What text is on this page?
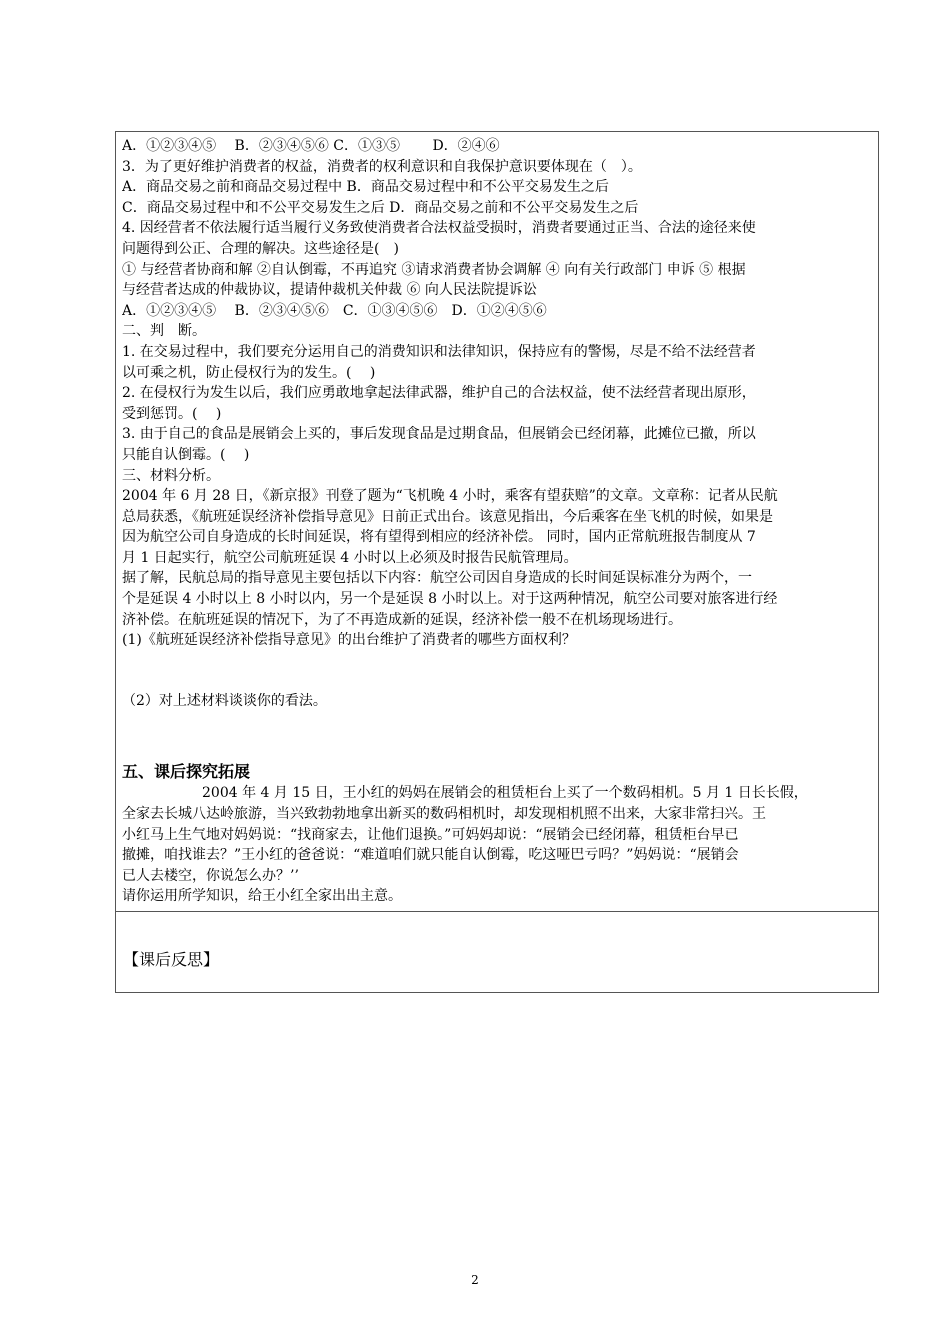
A．①②③④⑤　 B．②③④⑤⑥ C．①③⑤　　 D．②④⑥
3．为了更好维护消费者的权益，消费者的权利意识和自我保护意识要体现在（　）。
A．商品交易之前和商品交易过程中 B．商品交易过程中和不公平交易发生之后
C．商品交易过程中和不公平交易发生之后 D．商品交易之前和不公平交易发生之后
4. 因经营者不依法履行适当履行义务致使消费者合法权益受损时，消费者要通过正当、合法的途径来使
问题得到公正、合理的解决。这些途径是(　)
① 与经营者协商和解 ②自认倒霉，不再追究 ③请求消费者协会调解 ④ 向有关行政部门 申诉 ⑤ 根据
与经营者达成的仲裁协议，提请仲裁机关仲裁 ⑥ 向人民法院提诉讼
A．①②③④⑤　 B．②③④⑤⑥　C．①③④⑤⑥　D．①②④⑤⑥
二、判　断。
1. 在交易过程中，我们要充分运用自己的消费知识和法律知识，保持应有的警惕，尽是不给不法经营者
以可乘之机，防止侵权行为的发生。(　 )
2. 在侵权行为发生以后，我们应勇敢地拿起法律武器，维护自己的合法权益，使不法经营者现出原形，
受到惩罚。(　 )
3. 由于自己的食品是展销会上买的，事后发现食品是过期食品，但展销会已经闭幕，此摊位已撤，所以
只能自认倒霉。(　 )
三、材料分析。
2004 年 6 月 28 日，《新京报》刊登了题为“飞机晚 4 小时，乘客有望获赔”的文章。文章称：记者从民航
总局获悉，《航班延误经济补偿指导意见》日前正式出台。该意见指出，今后乘客在坐飞机的时候，如果是
因为航空公司自身造成的长时间延误，将有望得到相应的经济补偿。 同时，国内正常航班报告制度从 7
月 1 日起实行，航空公司航班延误 4 小时以上必须及时报告民航管理局。
据了解，民航总局的指导意见主要包括以下内容：航空公司因自身造成的长时间延误标准分为两个，一
个是延误 4 小时以上 8 小时以内，另一个是延误 8 小时以上。对于这两种情况，航空公司要对旅客进行经
济补偿。在航班延误的情况下，为了不再造成新的延误，经济补偿一般不在机场现场进行。
(1)《航班延误经济补偿指导意见》的出台维护了消费者的哪些方面权利？
（2）对上述材料谈谈你的看法。
五、课后探究拓展
2004 年 4 月 15 日，王小红的妈妈在展销会的租赁柜台上买了一个数码相机。5 月 1 日长长假，
全家去长城八达岭旅游，当兴致勃勃地拿出新买的数码相机时，却发现相机照不出来，大家非常扫兴。王
小红马上生气地对妈妈说：“找商家去，让他们退换。”可妈妈却说：“展销会已经闭幕，租赁柜台早已
撤摊，咱找谁去？”王小红的爸爸说：“难道咱们就只能自认倒霉，吃这哑巴亏吗？”妈妈说：“展销会
已人去楼空，你说怎么办？’’
请你运用所学知识，给王小红全家出出主意。
【课后反思】
2
